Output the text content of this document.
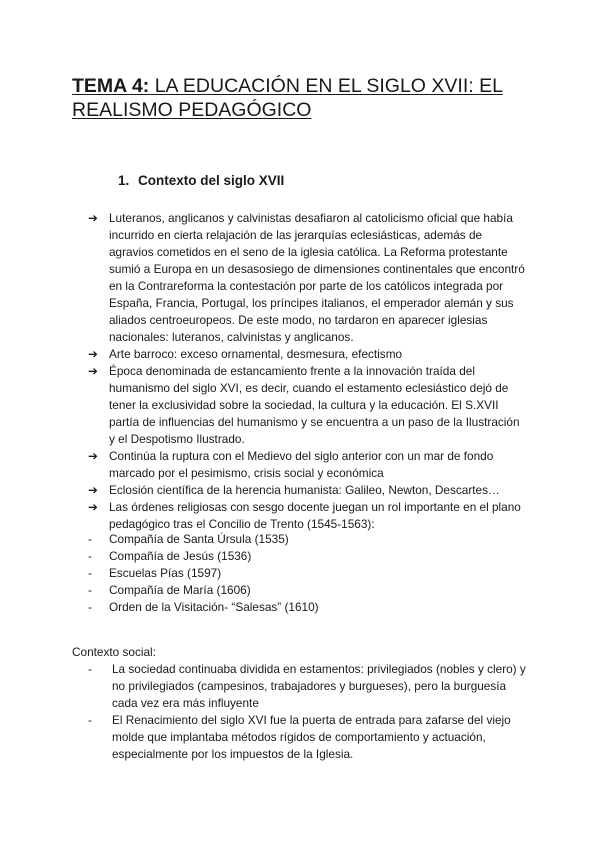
TEMA 4: LA EDUCACIÓN EN EL SIGLO XVII: EL REALISMO PEDAGÓGICO
1. Contexto del siglo XVII
➔ Luteranos, anglicanos y calvinistas desafiaron al catolicismo oficial que había incurrido en cierta relajación de las jerarquías eclesiásticas, además de agravios cometidos en el seno de la iglesia católica. La Reforma protestante sumió a Europa en un desasosiego de dimensiones continentales que encontró en la Contrareforma la contestación por parte de los católicos integrada por España, Francia, Portugal, los príncipes italianos, el emperador alemán y sus aliados centroeuropeos. De este modo, no tardaron en aparecer iglesias nacionales: luteranos, calvinistas y anglicanos.
➔ Arte barroco: exceso ornamental, desmesura, efectismo
➔ Época denominada de estancamiento frente a la innovación traída del humanismo del siglo XVI, es decir, cuando el estamento eclesiástico dejó de tener la exclusividad sobre la sociedad, la cultura y la educación. El S.XVII partía de influencias del humanismo y se encuentra a un paso de la Ilustración y el Despotismo Ilustrado.
➔ Continúa la ruptura con el Medievo del siglo anterior con un mar de fondo marcado por el pesimismo, crisis social y económica
➔ Eclosión científica de la herencia humanista: Galileo, Newton, Descartes…
➔ Las órdenes religiosas con sesgo docente juegan un rol importante en el plano pedagógico tras el Concilio de Trento (1545-1563):
-	Compañía de Santa Úrsula (1535)
-	Compañía de Jesús (1536)
-	Escuelas Pías (1597)
-	Compañía de María (1606)
-	Orden de la Visitación- “Salesas” (1610)

Contexto social:

-	La sociedad continuaba dividida en estamentos: privilegiados (nobles y clero) y no privilegiados (campesinos, trabajadores y burgueses), pero la burguesía cada vez era más influyente
-	El Renacimiento del siglo XVI fue la puerta de entrada para zafarse del viejo molde que implantaba métodos rígidos de comportamiento y actuación, especialmente por los impuestos de la Iglesia.
